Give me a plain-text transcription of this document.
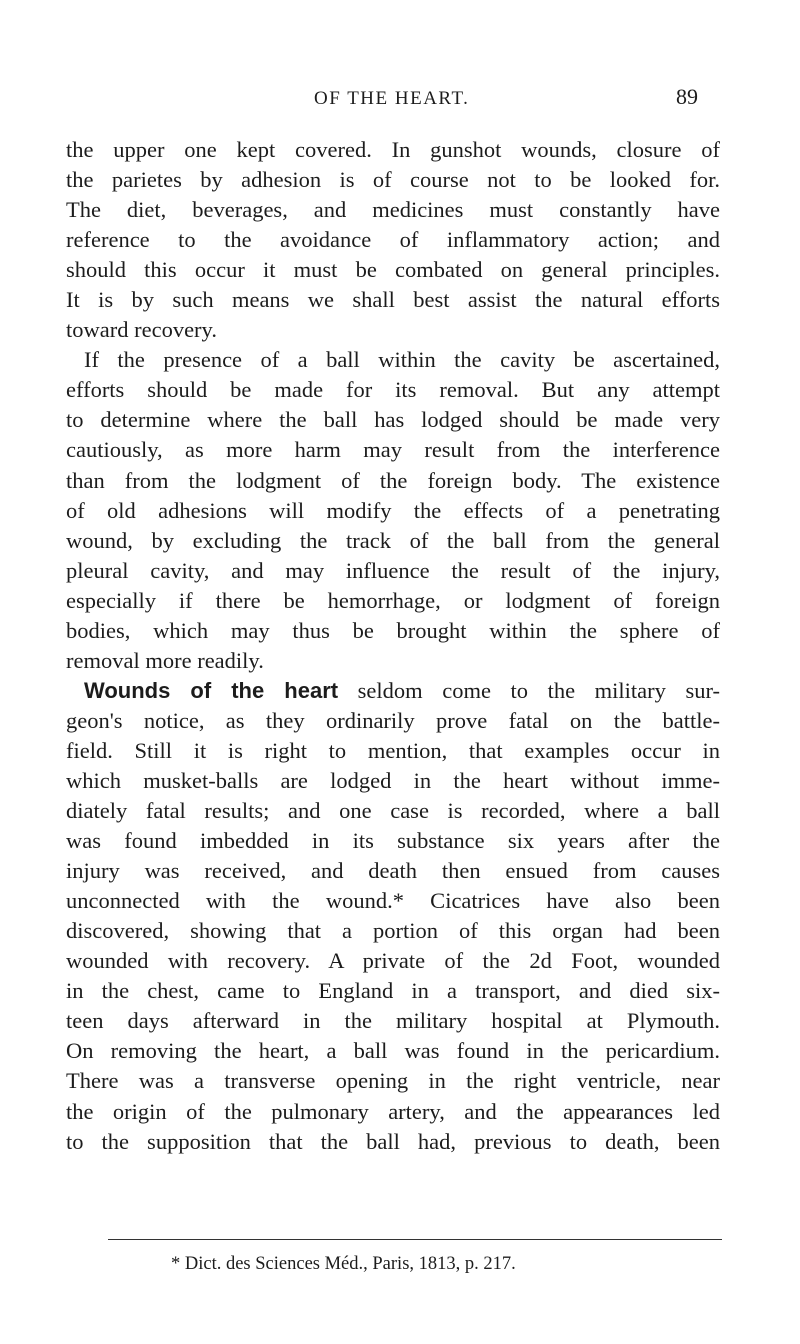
OF THE HEART.	89
the upper one kept covered. In gunshot wounds, closure of
the parietes by adhesion is of course not to be looked for.
The diet, beverages, and medicines must constantly have
reference to the avoidance of inflammatory action; and
should this occur it must be combated on general principles.
It is by such means we shall best assist the natural efforts
toward recovery.
If the presence of a ball within the cavity be ascertained,
efforts should be made for its removal. But any attempt
to determine where the ball has lodged should be made very
cautiously, as more harm may result from the interference
than from the lodgment of the foreign body. The existence
of old adhesions will modify the effects of a penetrating
wound, by excluding the track of the ball from the general
pleural cavity, and may influence the result of the injury,
especially if there be hemorrhage, or lodgment of foreign
bodies, which may thus be brought within the sphere of
removal more readily.
Wounds of the heart seldom come to the military sur-
geon's notice, as they ordinarily prove fatal on the battle-
field. Still it is right to mention, that examples occur in
which musket-balls are lodged in the heart without imme-
diately fatal results; and one case is recorded, where a ball
was found imbedded in its substance six years after the
injury was received, and death then ensued from causes
unconnected with the wound.* Cicatrices have also been
discovered, showing that a portion of this organ had been
wounded with recovery. A private of the 2d Foot, wounded
in the chest, came to England in a transport, and died six-
teen days afterward in the military hospital at Plymouth.
On removing the heart, a ball was found in the pericardium.
There was a transverse opening in the right ventricle, near
the origin of the pulmonary artery, and the appearances led
to the supposition that the ball had, previous to death, been
* Dict. des Sciences Méd., Paris, 1813, p. 217.
